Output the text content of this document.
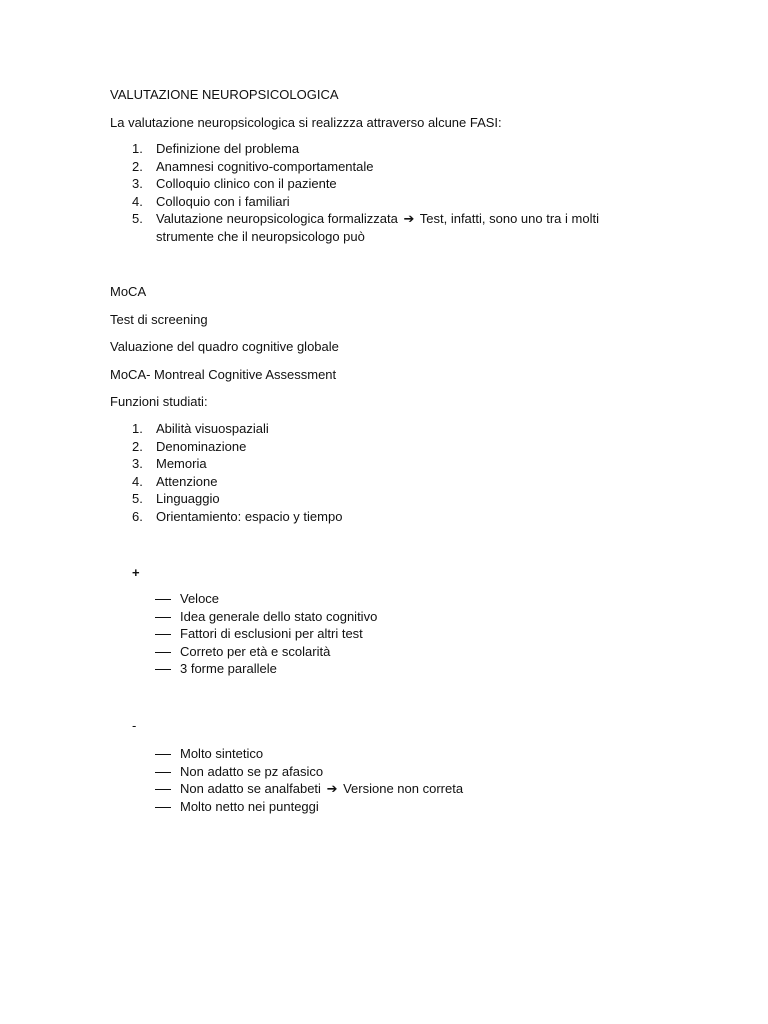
VALUTAZIONE NEUROPSICOLOGICA
La valutazione neuropsicologica si realizzza attraverso alcune FASI:
1. Definizione del problema
2. Anamnesi cognitivo-comportamentale
3. Colloquio clinico con il paziente
4. Colloquio con i familiari
5. Valutazione neuropsicologica formalizzata ➔ Test, infatti, sono uno tra i molti
strumente che il neuropsicologo può
MoCA
Test di screening
Valuazione del quadro cognitive globale
MoCA- Montreal Cognitive Assessment
Funzioni studiati:
1. Abilità visuospaziali
2. Denominazione
3. Memoria
4. Attenzione
5. Linguaggio
6. Orientamiento: espacio y tiempo
+
Veloce
Idea generale dello stato cognitivo
Fattori di esclusioni per altri test
Correto per età e scolarità
3 forme parallele
-
Molto sintetico
Non adatto se pz afasico
Non adatto se analfabeti ➔ Versione non correta
Molto netto nei punteggi
